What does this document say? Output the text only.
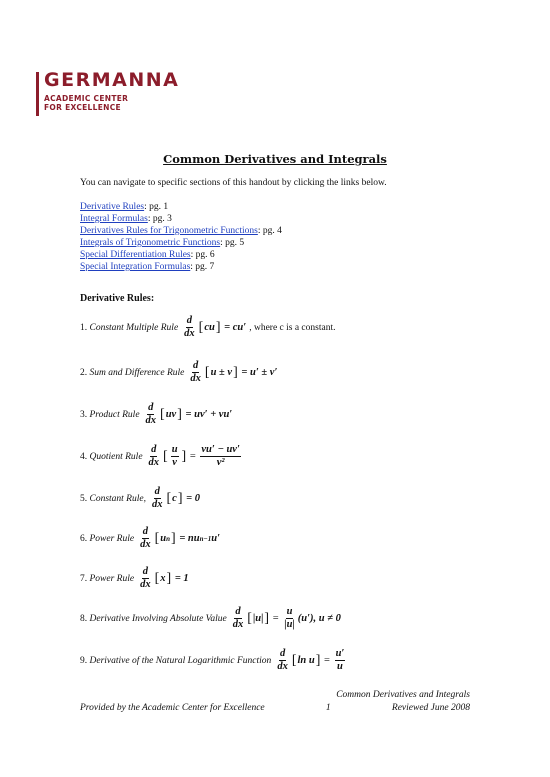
GERMANNA
ACADEMIC CENTER
FOR EXCELLENCE
Common Derivatives and Integrals
You can navigate to specific sections of this handout by clicking the links below.
Derivative Rules: pg. 1
Integral Formulas: pg. 3
Derivatives Rules for Trigonometric Functions: pg. 4
Integrals of Trigonometric Functions: pg. 5
Special Differentiation Rules: pg. 6
Special Integration Formulas: pg. 7
Derivative Rules:
1.
Constant Multiple Rule $\frac{d}{dx}$ [ cu ]
= cu′ , where c is a constant.
2.
Sum and Difference Rule $\frac{d}{dx}$ [ u ± v ]
= u′ ± v′
3.
Product Rule $\frac{d}{dx}$ [ uv ]
= uv′ + vu′
4.
Quotient Rule $\frac{d}{dx}$ [ $\frac{u}{v}$ ]
=
$\frac{vu' - uv'}{\text{v²}}$
5.
Constant Rule, $\frac{d}{dx}$ [ c ]
= 0
6.
Power Rule $\frac{d}{dx}$ [ u n ]
= nu n−1 u′
7.
Power Rule $\frac{d}{dx}$ [ x ]
= 1
8.
Derivative Involving Absolute Value $\frac{d}{dx}$ [ |u| ]
=
$\frac{u}{|u|} (u')$, u ≠ 0
9.
Derivative of the Natural Logarithmic Function $\frac{d}{dx}$ [ ln u ]
=
$\frac{u'}{u}$
Common Derivatives and Integrals
Provided by the Academic Center for Excellence	1	Reviewed June 2008
